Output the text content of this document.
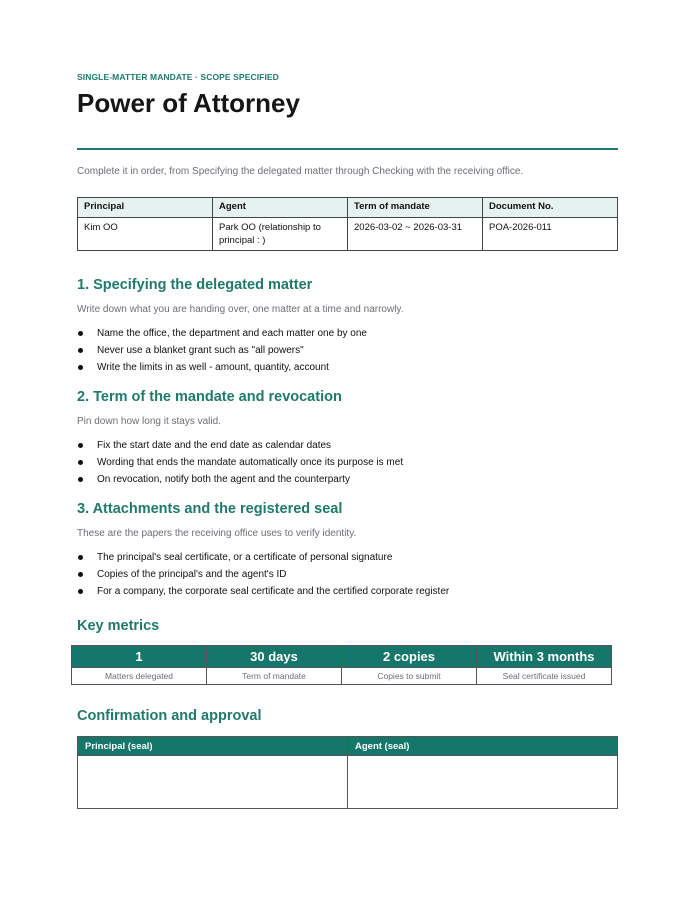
SINGLE-MATTER MANDATE · SCOPE SPECIFIED
Power of Attorney
Complete it in order, from Specifying the delegated matter through Checking with the receiving office.
Principal	Agent	Term of mandate	Document No.
Kim OO	Park OO (relationship to principal : )	2026-03-02 ~ 2026-03-31	POA-2026-011
1. Specifying the delegated matter
Write down what you are handing over, one matter at a time and narrowly.
Name the office, the department and each matter one by one
Never use a blanket grant such as "all powers"
Write the limits in as well - amount, quantity, account
2. Term of the mandate and revocation
Pin down how long it stays valid.
Fix the start date and the end date as calendar dates
Wording that ends the mandate automatically once its purpose is met
On revocation, notify both the agent and the counterparty
3. Attachments and the registered seal
These are the papers the receiving office uses to verify identity.
The principal's seal certificate, or a certificate of personal signature
Copies of the principal's and the agent's ID
For a company, the corporate seal certificate and the certified corporate register
Key metrics
1	30 days	2 copies	Within 3 months
Matters delegated	Term of mandate	Copies to submit	Seal certificate issued
Confirmation and approval
Principal (seal)	Agent (seal)
